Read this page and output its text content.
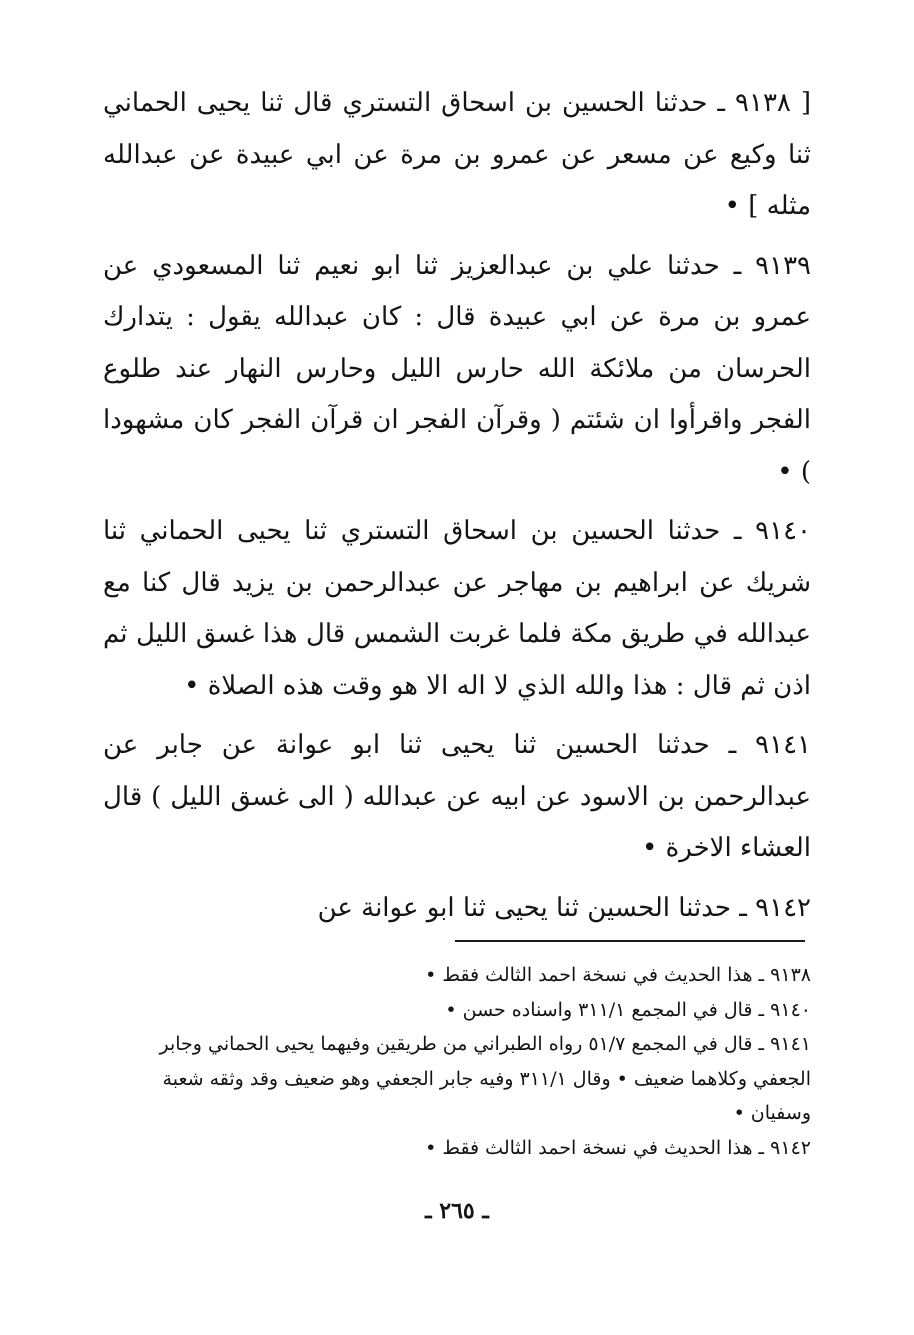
[ ٩١٣٨ ـ حدثنا الحسين بن اسحاق التستري قال ثنا يحيى الحماني ثنا وكيع عن مسعر عن عمرو بن مرة عن ابي عبيدة عن عبدالله مثله ] •

٩١٣٩ ـ حدثنا علي بن عبدالعزيز ثنا ابو نعيم ثنا المسعودي عن عمرو بن مرة عن ابي عبيدة قال : كان عبدالله يقول : يتدارك الحرسان من ملائكة الله حارس الليل وحارس النهار عند طلوع الفجر واقرأوا ان شئتم ( وقرآن الفجر ان قرآن الفجر كان مشهودا ) •

٩١٤٠ ـ حدثنا الحسين بن اسحاق التستري ثنا يحيى الحماني ثنا شريك عن ابراهيم بن مهاجر عن عبدالرحمن بن يزيد قال كنا مع عبدالله في طريق مكة فلما غربت الشمس قال هذا غسق الليل ثم اذن ثم قال : هذا والله الذي لا اله الا هو وقت هذه الصلاة •

٩١٤١ ـ حدثنا الحسين ثنا يحيى ثنا ابو عوانة عن جابر عن عبدالرحمن بن الاسود عن ابيه عن عبدالله ( الى غسق الليل ) قال العشاء الاخرة •

٩١٤٢ ـ حدثنا الحسين ثنا يحيى ثنا ابو عوانة عن

٩١٣٨ ـ هذا الحديث في نسخة احمد الثالث فقط •

٩١٤٠ ـ قال في المجمع ٣١١/١ واسناده حسن •

٩١٤١ ـ قال في المجمع ٥١/٧ رواه الطبراني من طريقين وفيهما يحيى الحماني وجابر الجعفي وكلاهما ضعيف • وقال ٣١١/١ وفيه جابر الجعفي وهو ضعيف وقد وثقه شعبة وسفيان •

٩١٤٢ ـ هذا الحديث في نسخة احمد الثالث فقط •

ـ ٢٦٥ ـ
